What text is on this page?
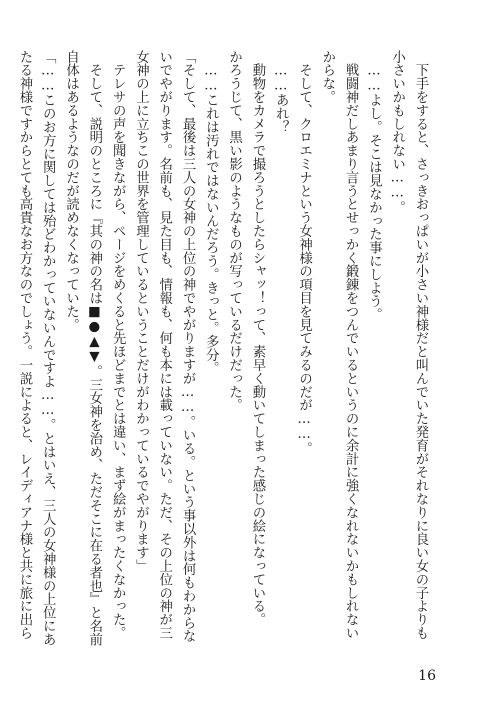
　下手をすると、さっきおっぱいが小さい神様だと叫んでいた発育がそれなりに良い女の子よりも
小さいかもしれない……。
　……よし。そこは見なかった事にしよう。
　戦闘神だしあまり言うとせっかく鍛錬をつんでいるというのに余計に強くなれないかもしれない
からな。
　そして、クロエミナという女神様の項目を見てみるのだが……。
　……あれ？
　動物をカメラで撮ろうとしたらシャッ！って、素早く動いてしまった感じの絵になっている。
かろうじて、黒い影のようなものが写っているだけだった。
　……これは汚れではないんだろう。きっと。多分。
「そして、最後は三人の女神の上位の神でやがりますが……。いる。という事以外は何もわからな
いでやがります。名前も、見た目も、情報も、何も本には載っていない。ただ、その上位の神が三
女神の上に立ちこの世界を管理しているということだけがわかっているでやがります」
　テレサの声を聞きながら、ページをめくると先ほどまでとは違い、まず絵がまったくなかった。
　そして、説明のところに『其の神の名は■●▲▼。三女神を治め、ただそこに在る者也』と名前
自体はあるようなのだが読めなくなっていた。
「……このお方に関しては殆どわかっていないんですよ……。とはいえ、三人の女神様の上位にあ
たる神様ですからとても高貴なお方なのでしょう。一説によると、レイディアナ様と共に旅に出ら
16
